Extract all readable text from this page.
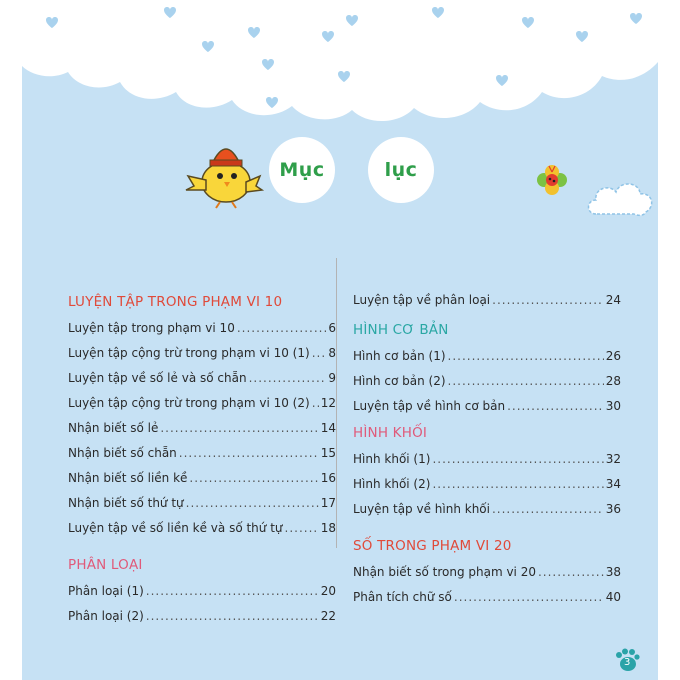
Mục	lục
LUYỆN TẬP TRONG PHẠM VI 10
Luyện tập trong phạm vi 10 .....	6
Luyện tập cộng trừ trong phạm vi 10 (1) ..... 8
Luyện tập về số lẻ và số chẵn .....	9
Luyện tập cộng trừ trong phạm vi 10 (2) ..... 12
Nhận biết số lẻ .....	14
Nhận biết số chẵn .....	15
Nhận biết số liền kề .....	16
Nhận biết số thứ tự .....	17
Luyện tập về số liền kề và số thứ tự .....	18
PHÂN LOẠI
Phân loại (1) .....	20
Phân loại (2) .....	22
Luyện tập về phân loại .....	24
HÌNH CƠ BẢN
Hình cơ bản (1) .....	26
Hình cơ bản (2) .....	28
Luyện tập về hình cơ bản .....	30
HÌNH KHỐI
Hình khối (1) .....	32
Hình khối (2) .....	34
Luyện tập về hình khối .....	36
SỐ TRONG PHẠM VI 20
Nhận biết số trong phạm vi 20 .....	38
Phân tích chữ số .....	40
3
